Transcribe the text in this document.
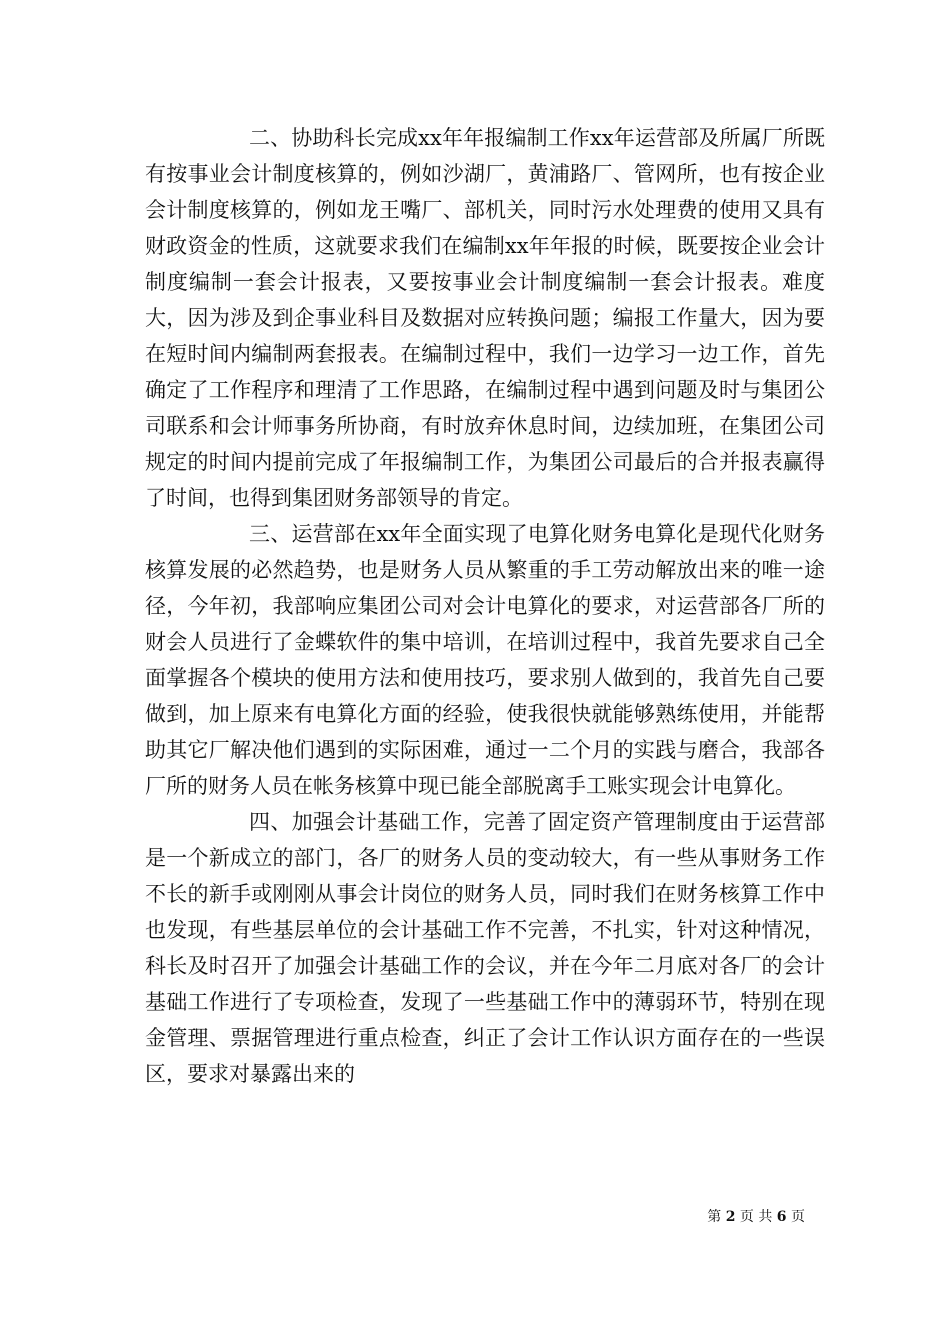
二、协助科长完成xx年年报编制工作xx年运营部及所属厂所既有按事业会计制度核算的，例如沙湖厂，黄浦路厂、管网所，也有按企业会计制度核算的，例如龙王嘴厂、部机关，同时污水处理费的使用又具有财政资金的性质，这就要求我们在编制xx年年报的时候，既要按企业会计制度编制一套会计报表，又要按事业会计制度编制一套会计报表。难度大，因为涉及到企事业科目及数据对应转换问题；编报工作量大，因为要在短时间内编制两套报表。在编制过程中，我们一边学习一边工作，首先确定了工作程序和理清了工作思路，在编制过程中遇到问题及时与集团公司联系和会计师事务所协商，有时放弃休息时间，边续加班，在集团公司规定的时间内提前完成了年报编制工作，为集团公司最后的合并报表赢得了时间，也得到集团财务部领导的肯定。

三、运营部在xx年全面实现了电算化财务电算化是现代化财务核算发展的必然趋势，也是财务人员从繁重的手工劳动解放出来的唯一途径，今年初，我部响应集团公司对会计电算化的要求，对运营部各厂所的财会人员进行了金蝶软件的集中培训，在培训过程中，我首先要求自己全面掌握各个模块的使用方法和使用技巧，要求别人做到的，我首先自己要做到，加上原来有电算化方面的经验，使我很快就能够熟练使用，并能帮助其它厂解决他们遇到的实际困难，通过一二个月的实践与磨合，我部各厂所的财务人员在帐务核算中现已能全部脱离手工账实现会计电算化。

四、加强会计基础工作，完善了固定资产管理制度由于运营部是一个新成立的部门，各厂的财务人员的变动较大，有一些从事财务工作不长的新手或刚刚从事会计岗位的财务人员，同时我们在财务核算工作中也发现，有些基层单位的会计基础工作不完善，不扎实，针对这种情况，科长及时召开了加强会计基础工作的会议，并在今年二月底对各厂的会计基础工作进行了专项检查，发现了一些基础工作中的薄弱环节，特别在现金管理、票据管理进行重点检查，纠正了会计工作认识方面存在的一些误区，要求对暴露出来的

第 2 页 共 6 页
